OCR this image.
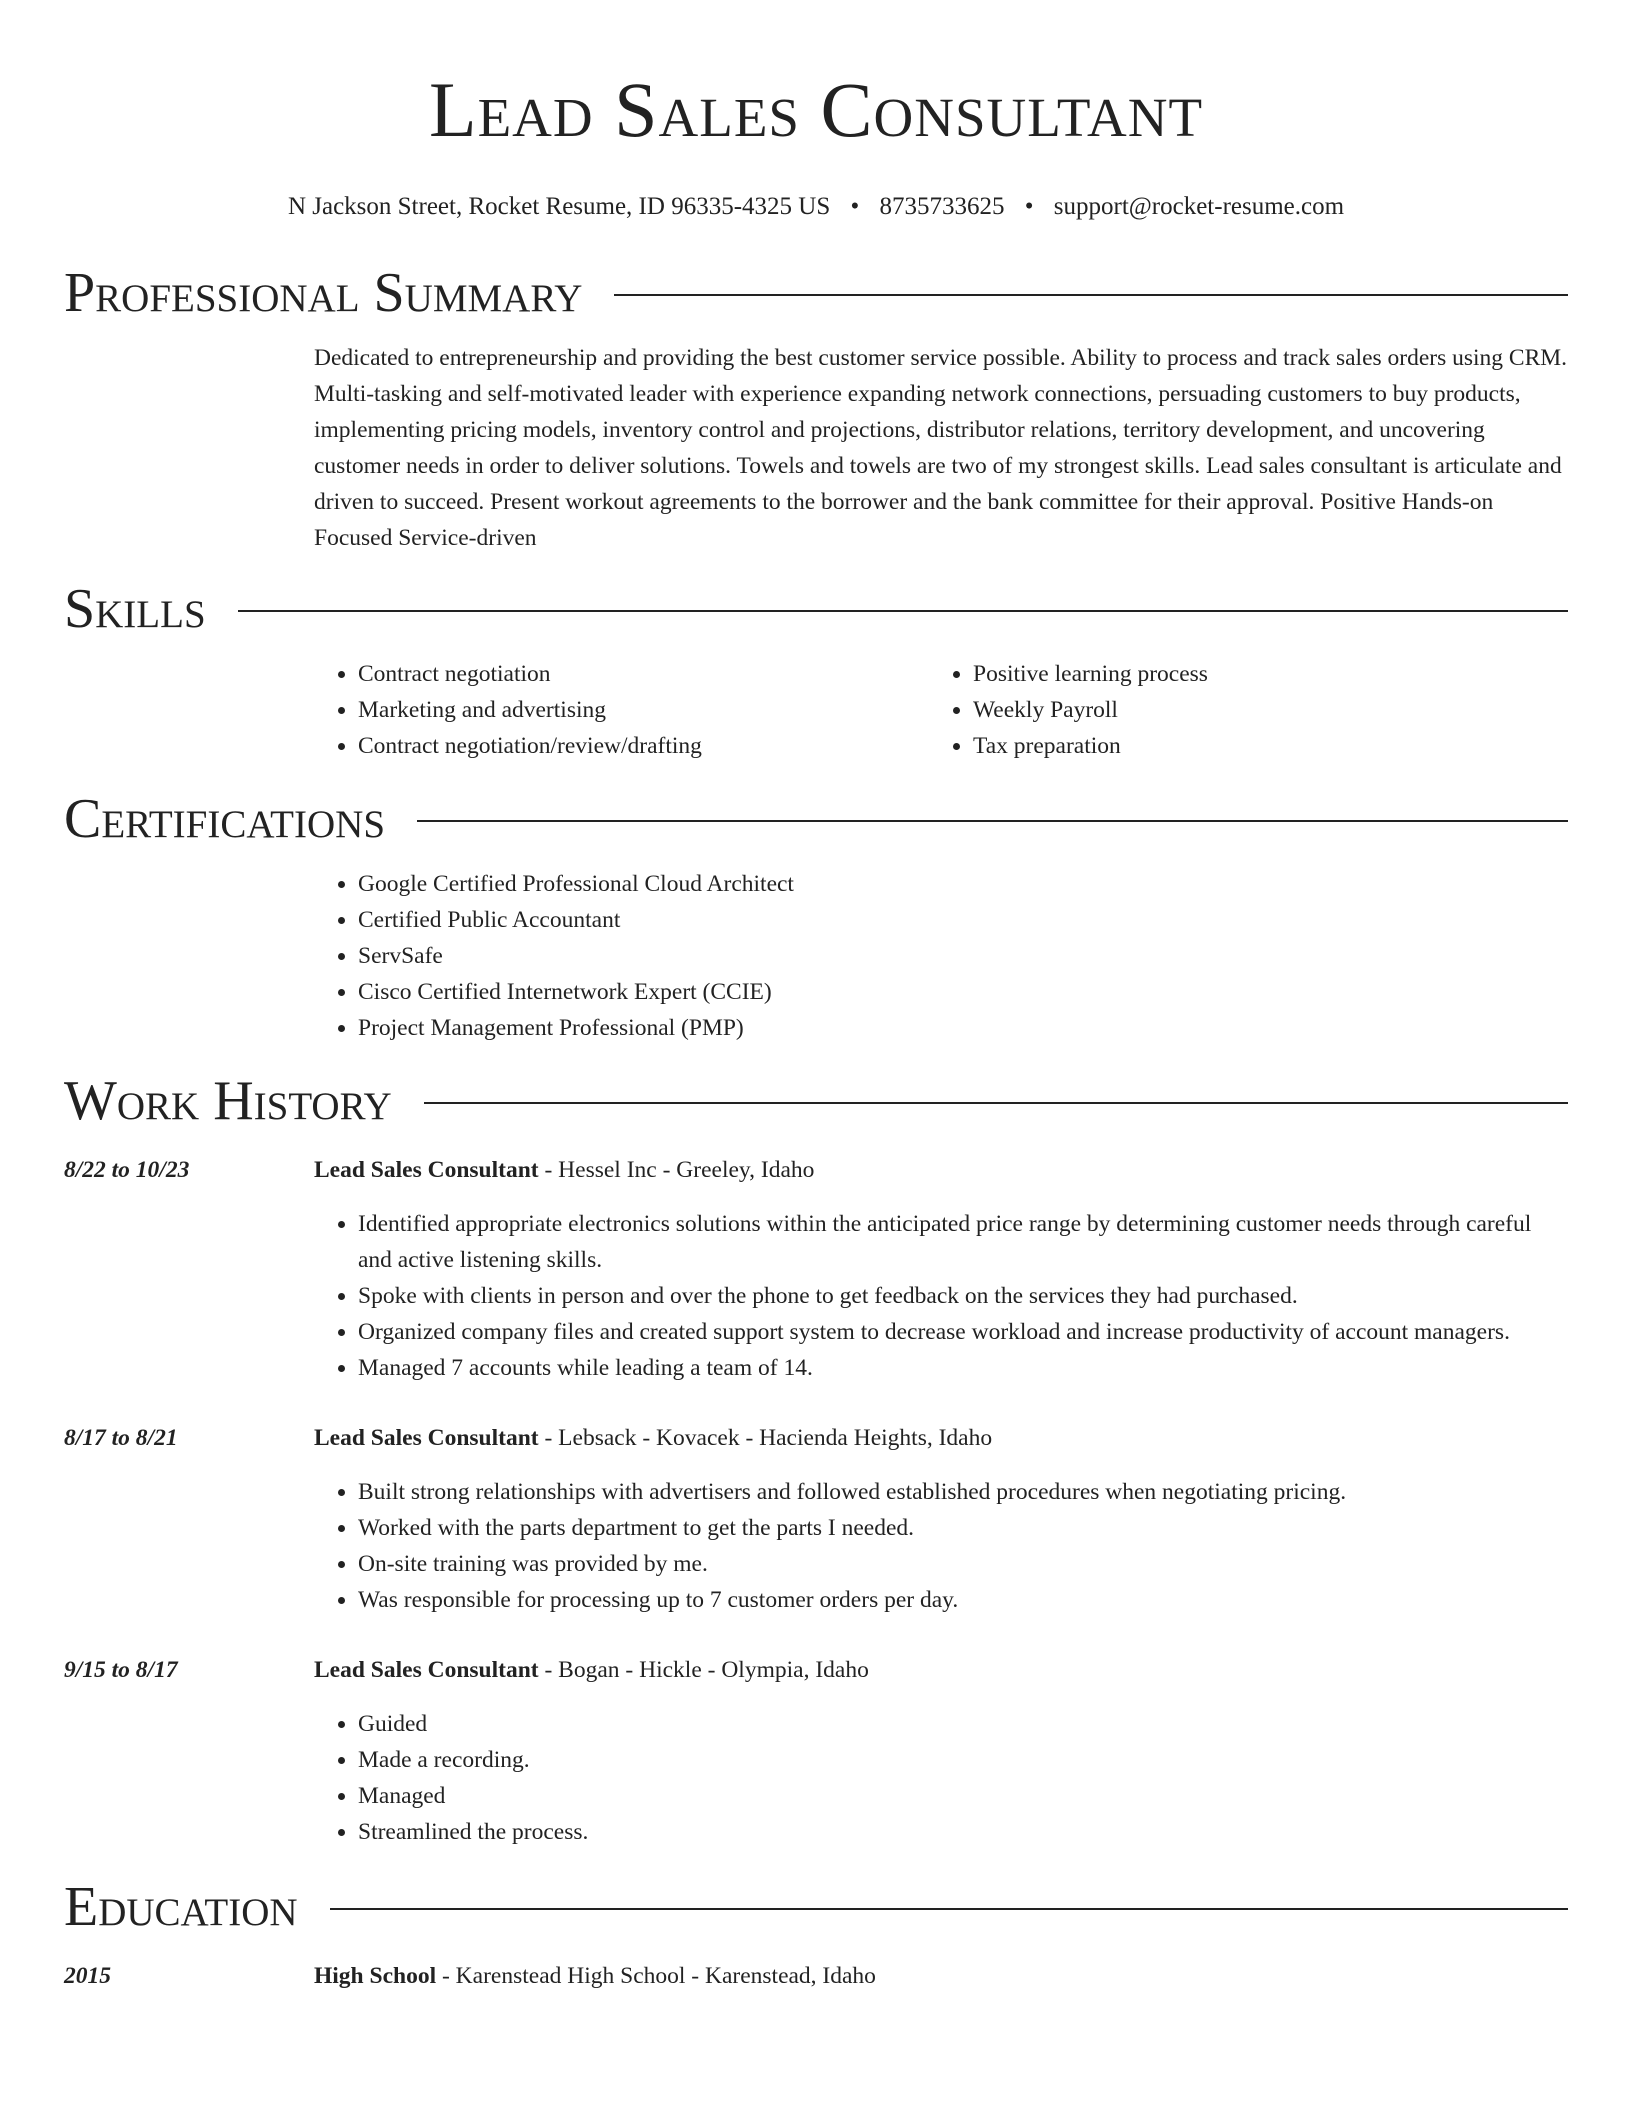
Lead Sales Consultant
N Jackson Street, Rocket Resume, ID 96335-4325 US • 8735733625 • support@rocket-resume.com
Professional Summary

Dedicated to entrepreneurship and providing the best customer service possible. Ability to process and track sales orders using CRM. Multi-tasking and self-motivated leader with experience expanding network connections, persuading customers to buy products, implementing pricing models, inventory control and projections, distributor relations, territory development, and uncovering customer needs in order to deliver solutions. Towels and towels are two of my strongest skills. Lead sales consultant is articulate and driven to succeed. Present workout agreements to the borrower and the bank committee for their approval. Positive Hands-on Focused Service-driven

Skills
• Contract negotiation
• Marketing and advertising
• Contract negotiation/review/drafting
• Positive learning process
• Weekly Payroll
• Tax preparation
Certifications
• Google Certified Professional Cloud Architect
• Certified Public Accountant
• ServSafe
• Cisco Certified Internetwork Expert (CCIE)
• Project Management Professional (PMP)
Work History
8/22 to 10/23	Lead Sales Consultant - Hessel Inc - Greeley, Idaho
• Identified appropriate electronics solutions within the anticipated price range by determining customer needs through careful and active listening skills.
• Spoke with clients in person and over the phone to get feedback on the services they had purchased.
• Organized company files and created support system to decrease workload and increase productivity of account managers.
• Managed 7 accounts while leading a team of 14.
8/17 to 8/21	Lead Sales Consultant - Lebsack - Kovacek - Hacienda Heights, Idaho
• Built strong relationships with advertisers and followed established procedures when negotiating pricing.
• Worked with the parts department to get the parts I needed.
• On-site training was provided by me.
• Was responsible for processing up to 7 customer orders per day.
9/15 to 8/17	Lead Sales Consultant - Bogan - Hickle - Olympia, Idaho
• Guided
• Made a recording.
• Managed
• Streamlined the process.
Education
2015	High School - Karenstead High School - Karenstead, Idaho
